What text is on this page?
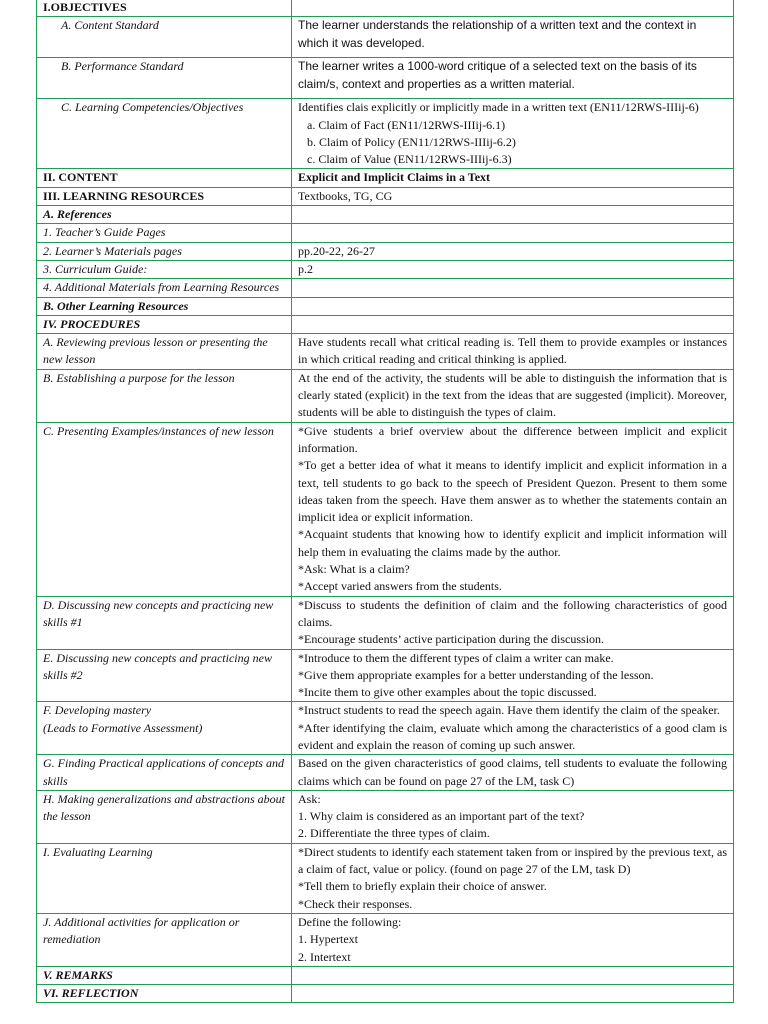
I.OBJECTIVES	
A. Content Standard	The learner understands the relationship of a written text and the context in which it was developed.
B. Performance Standard	The learner writes a 1000-word critique of a selected text on the basis of its claim/s, context and properties as a written material.
C. Learning Competencies/Objectives	Identifies clais explicitly or implicitly made in a written text (EN11/12RWS-IIIij-6)
a. Claim of Fact (EN11/12RWS-IIIij-6.1)
b. Claim of Policy (EN11/12RWS-IIIij-6.2)
c. Claim of Value (EN11/12RWS-IIIij-6.3)

II. CONTENT	Explicit and Implicit Claims in a Text
III. LEARNING RESOURCES	Textbooks, TG, CG
A. References	
1. Teacher’s Guide Pages	
2. Learner’s Materials pages	pp.20-22, 26-27
3. Curriculum Guide:	p.2
4. Additional Materials from Learning Resources	
B. Other Learning Resources	
IV. PROCEDURES	
A. Reviewing previous lesson or presenting the new lesson	Have students recall what critical reading is. Tell them to provide examples or instances in which critical reading and critical thinking is applied.

B. Establishing a purpose for the lesson	At the end of the activity, the students will be able to distinguish the information that is clearly stated (explicit) in the text from the ideas that are suggested (implicit). Moreover, students will be able to distinguish the types of claim.

C. Presenting Examples/instances of new lesson	*Give students a brief overview about the difference between implicit and explicit information.
*To get a better idea of what it means to identify implicit and explicit information in a text, tell students to go back to the speech of President Quezon. Present to them some ideas taken from the speech. Have them answer as to whether the statements contain an implicit idea or explicit information.
*Acquaint students that knowing how to identify explicit and implicit information will help them in evaluating the claims made by the author.
*Ask: What is a claim?
*Accept varied answers from the students.

D. Discussing new concepts and practicing new skills #1	*Discuss to students the definition of claim and the following characteristics of good claims.
*Encourage students’ active participation during the discussion.

E. Discussing new concepts and practicing new skills #2	*Introduce to them the different types of claim a writer can make.
*Give them appropriate examples for a better understanding of the lesson.
*Incite them to give other examples about the topic discussed.

F. Developing mastery
(Leads to Formative Assessment)	*Instruct students to read the speech again. Have them identify the claim of the speaker.
*After identifying the claim, evaluate which among the characteristics of a good clam is evident and explain the reason of coming up such answer.

G. Finding Practical applications of concepts and skills	Based on the given characteristics of good claims, tell students to evaluate the following claims which can be found on page 27 of the LM, task C)

H. Making generalizations and abstractions about the lesson	Ask:
1. Why claim is considered as an important part of the text?
2. Differentiate the three types of claim.

I. Evaluating Learning	*Direct students to identify each statement taken from or inspired by the previous text, as a claim of fact, value or policy. (found on page 27 of the LM, task D)
*Tell them to briefly explain their choice of answer.
*Check their responses.

J. Additional activities for application or remediation	Define the following:
1. Hypertext
2. Intertext

V. REMARKS	
VI. REFLECTION	
